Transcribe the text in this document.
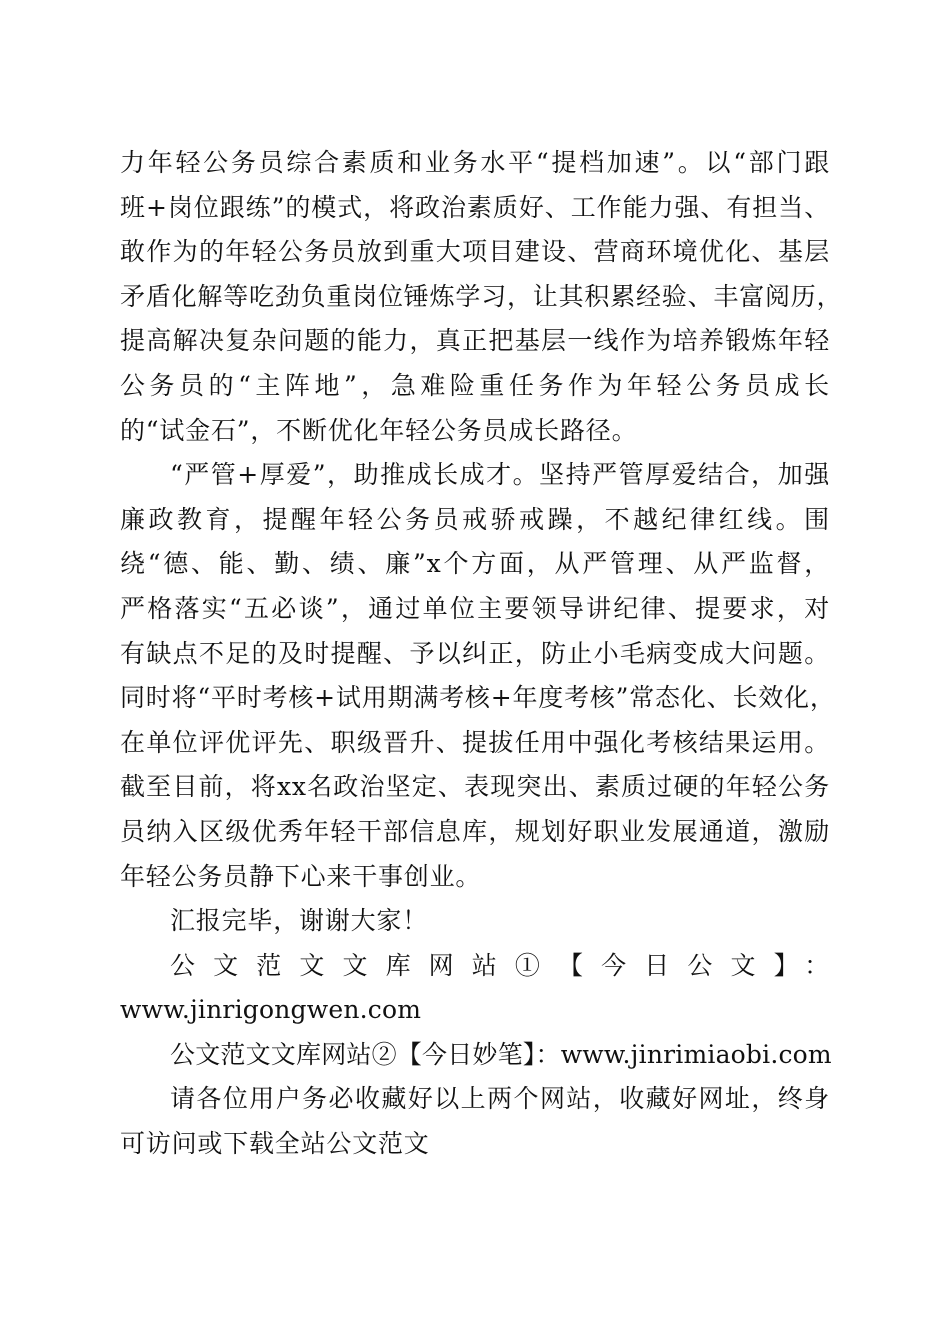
力年轻公务员综合素质和业务水平“提档加速”。以“部门跟
班+岗位跟练”的模式，将政治素质好、工作能力强、有担当、
敢作为的年轻公务员放到重大项目建设、营商环境优化、基层
矛盾化解等吃劲负重岗位锤炼学习，让其积累经验、丰富阅历，
提高解决复杂问题的能力，真正把基层一线作为培养锻炼年轻
公务员的“主阵地”，急难险重任务作为年轻公务员成长
的“试金石”，不断优化年轻公务员成长路径。
“严管+厚爱”，助推成长成才。坚持严管厚爱结合，加强
廉政教育，提醒年轻公务员戒骄戒躁，不越纪律红线。围
绕“德、能、勤、绩、廉”x个方面，从严管理、从严监督，
严格落实“五必谈”，通过单位主要领导讲纪律、提要求，对
有缺点不足的及时提醒、予以纠正，防止小毛病变成大问题。
同时将“平时考核+试用期满考核+年度考核”常态化、长效化，
在单位评优评先、职级晋升、提拔任用中强化考核结果运用。
截至目前，将xx名政治坚定、表现突出、素质过硬的年轻公务
员纳入区级优秀年轻干部信息库，规划好职业发展通道，激励
年轻公务员静下心来干事创业。
汇报完毕，谢谢大家！
公文范文文库网站①【今日公文】：
www.jinrigongwen.com
公文范文文库网站②【今日妙笔】：www.jinrimiaobi.com
请各位用户务必收藏好以上两个网站，收藏好网址，终身
可访问或下载全站公文范文
